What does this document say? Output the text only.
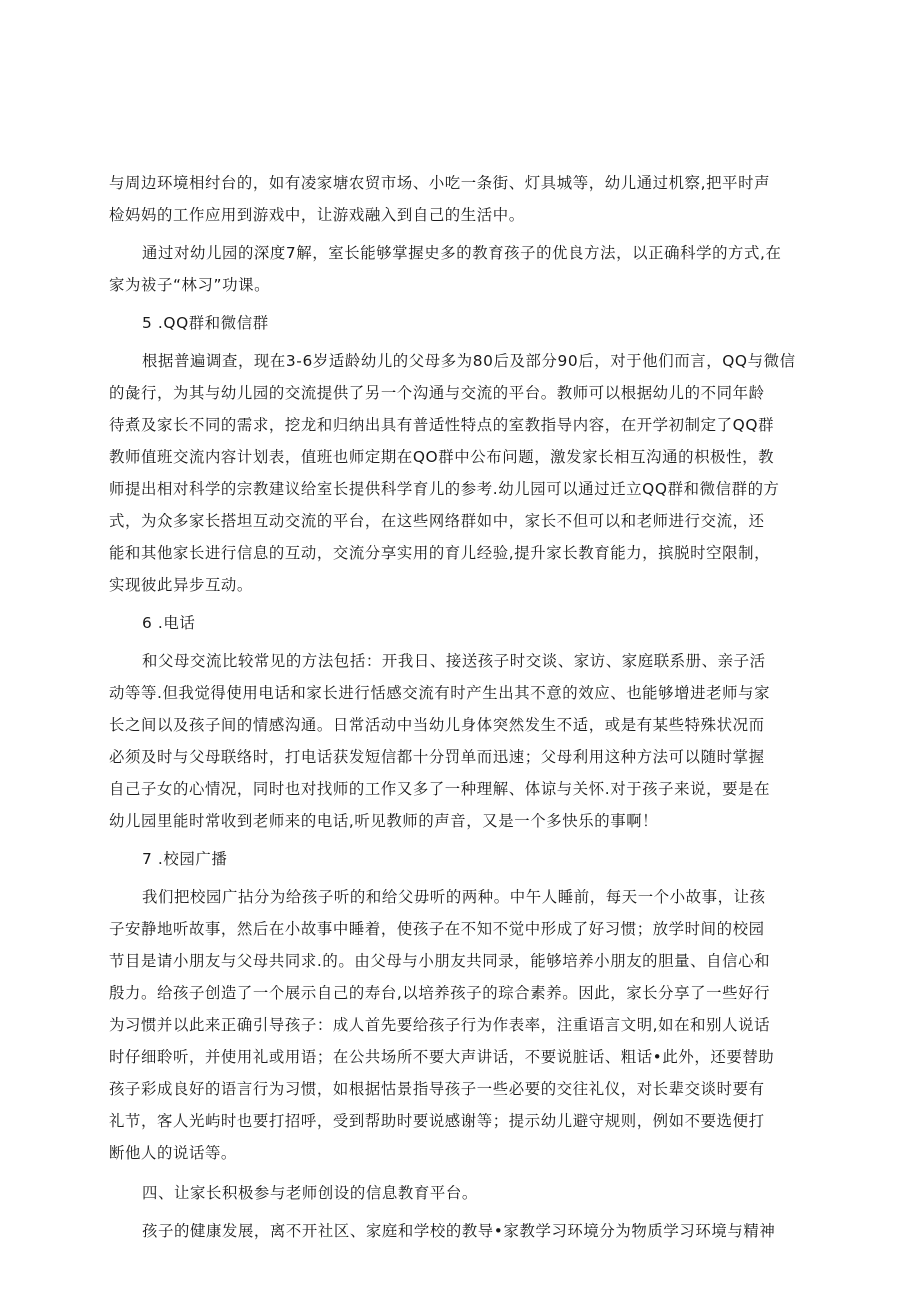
与周边环境相纣台的，如有凌家塘农贸市场、小吃一条街、灯具城等，幼儿通过机察,把平时声

检妈妈的工作应用到游戏中，让游戏融入到自己的生活中。

通过对幼儿园的深度7解，室长能够掌握史多的教育孩子的优良方法，以正确科学的方式,在

家为祓子“林习”功课。

5 .QQ群和微信群

根据普遍调查，现在3-6岁适龄幼儿的父母多为80后及部分90后，对于他们而言，QQ与微信

的彘行，为其与幼儿园的交流提供了另一个沟通与交流的平台。教师可以根据幼儿的不同年龄

待煮及家长不同的需求，挖龙和归纳出具有普适性特点的室教指导内容，在开学初制定了QQ群

教师值班交流内容计划表，值班也师定期在QO群中公布问题，激发家长相互沟通的枳极性，教

师提出相对科学的宗教建议给室长提供科学育儿的参考.幼儿园可以通过迁立QQ群和微信群的方

式，为众多家长搭坦互动交流的平台，在这些网络群如中，家长不但可以和老师进行交流，还

能和其他家长进行信息的互动，交流分享实用的育儿经验,提升家长教育能力，摈脱时空限制，

实现彼此异步互动。

6 .电话

和父母交流比较常见的方法包括：开我日、接送孩子时交谈、家访、家庭联系册、亲子活

动等等.但我觉得使用电话和家长进行恬感交流有时产生出其不意的效应、也能够增进老师与家

长之间以及孩子间的情感沟通。日常活动中当幼儿身体突然发生不适，或是有某些特殊状况而

必须及时与父母联络时，打电话获发短信都十分罚单而迅速；父母利用这种方法可以随时掌握

自己子女的心情况，同时也对找师的工作又多了一种理解、体谅与关怀.对于孩子来说，要是在

幼儿园里能时常收到老师来的电话,听见教师的声音，又是一个多快乐的事啊！

7 .校园广播

我们把校园广拈分为给孩子听的和给父毋听的两种。中午人睡前，每天一个小故事，让孩

子安静地听故事，然后在小故事中睡着，使孩子在不知不觉中形成了好习惯；放学时间的校园

节目是请小朋友与父母共同求.的。由父母与小朋友共同录，能够培养小朋友的胆量、自信心和

殷力。给孩子创造了一个展示自己的寿台,以培养孩子的琮合素养。因此，家长分享了一些好行

为习惯并以此来正确引导孩子：成人首先要给孩子行为作表率，注重语言文明,如在和别人说话

时仔细聆听，并使用礼或用语；在公共场所不要大声讲话，不要说脏话、粗话•此外，还要替助

孩子彩成良好的语言行为习惯，如根据怙景指导孩子一些必要的交往礼仪，对长辈交谈时要有

礼节，客人光屿时也要打招呼，受到帮助时要说感谢等；提示幼儿避守规则，例如不要选便打

断他人的说话等。

四、让家长积极参与老师创设的信息教育平台。

孩子的健康发展，离不开社区、家庭和学校的教导•家教学习环境分为物质学习环境与精神
